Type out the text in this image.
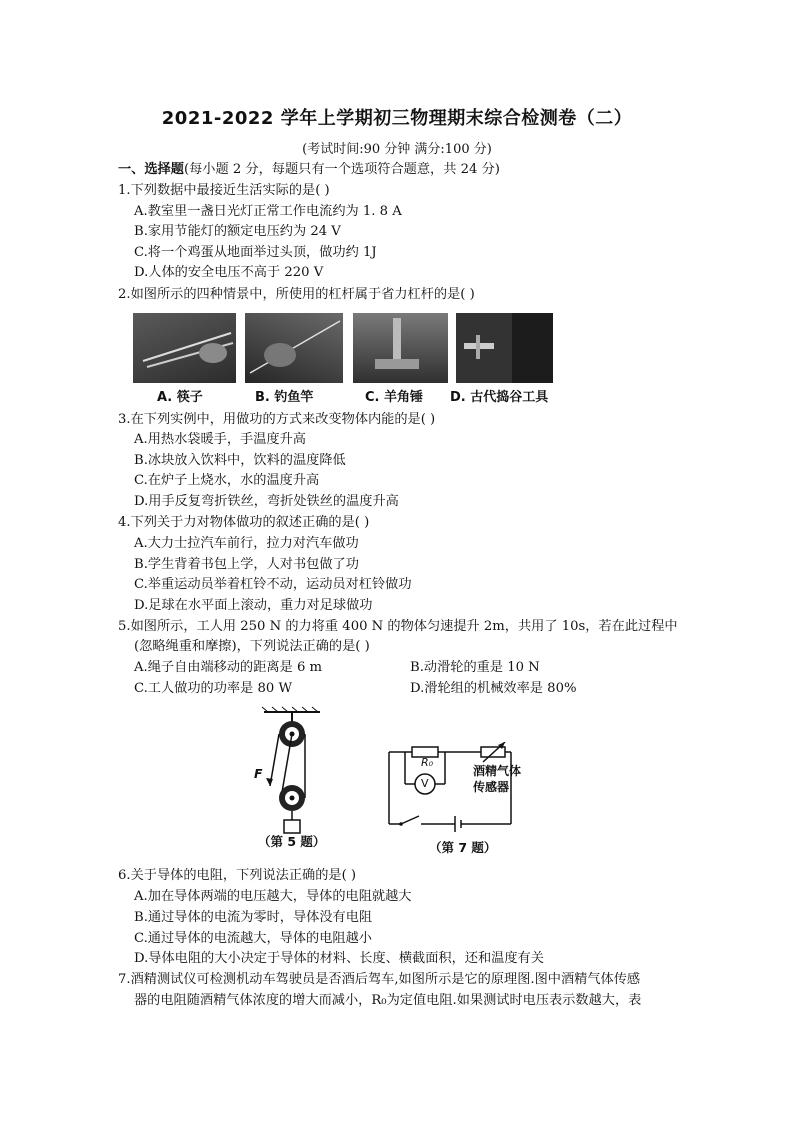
2021-2022 学年上学期初三物理期末综合检测卷（二）
(考试时间:90 分钟 满分:100 分)
一、选择题(每小题 2 分，每题只有一个选项符合题意，共 24 分)
1.下列数据中最接近生活实际的是( )
A.教室里一盏日光灯正常工作电流约为 1. 8 A
B.家用节能灯的额定电压约为 24 V
C.将一个鸡蛋从地面举过头顶，做功约 1J
D.人体的安全电压不高于 220 V
2.如图所示的四种情景中，所使用的杠杆属于省力杠杆的是( )
A. 筷子	B. 钓鱼竿	C. 羊角锤 D. 古代捣谷工具
3.在下列实例中，用做功的方式来改变物体内能的是( )
A.用热水袋暖手，手温度升高
B.冰块放入饮料中，饮料的温度降低
C.在炉子上烧水，水的温度升高
D.用手反复弯折铁丝，弯折处铁丝的温度升高
4.下列关于力对物体做功的叙述正确的是( )
A.大力士拉汽车前行，拉力对汽车做功
B.学生背着书包上学，人对书包做了功
C.举重运动员举着杠铃不动，运动员对杠铃做功
D.足球在水平面上滚动，重力对足球做功
5.如图所示，工人用 250 N 的力将重 400 N 的物体匀速提升 2m，共用了 10s，若在此过程中
(忽略绳重和摩擦)，下列说法正确的是( )
A.绳子自由端移动的距离是 6 m	B.动滑轮的重是 10 N
C.工人做功的功率是 80 W	D.滑轮组的机械效率是 80%
F
（第 5 题）
R₀
V
酒精气体
传感器
（第 7 题）
6.关于导体的电阻，下列说法正确的是( )
A.加在导体两端的电压越大，导体的电阻就越大
B.通过导体的电流为零时，导体没有电阻
C.通过导体的电流越大，导体的电阻越小
D.导体电阻的大小决定于导体的材料、长度、横截面积，还和温度有关
7.酒精测试仪可检测机动车驾驶员是否酒后驾车,如图所示是它的原理图.图中酒精气体传感
器的电阻随酒精气体浓度的增大而减小，R₀为定值电阻.如果测试时电压表示数越大，表
